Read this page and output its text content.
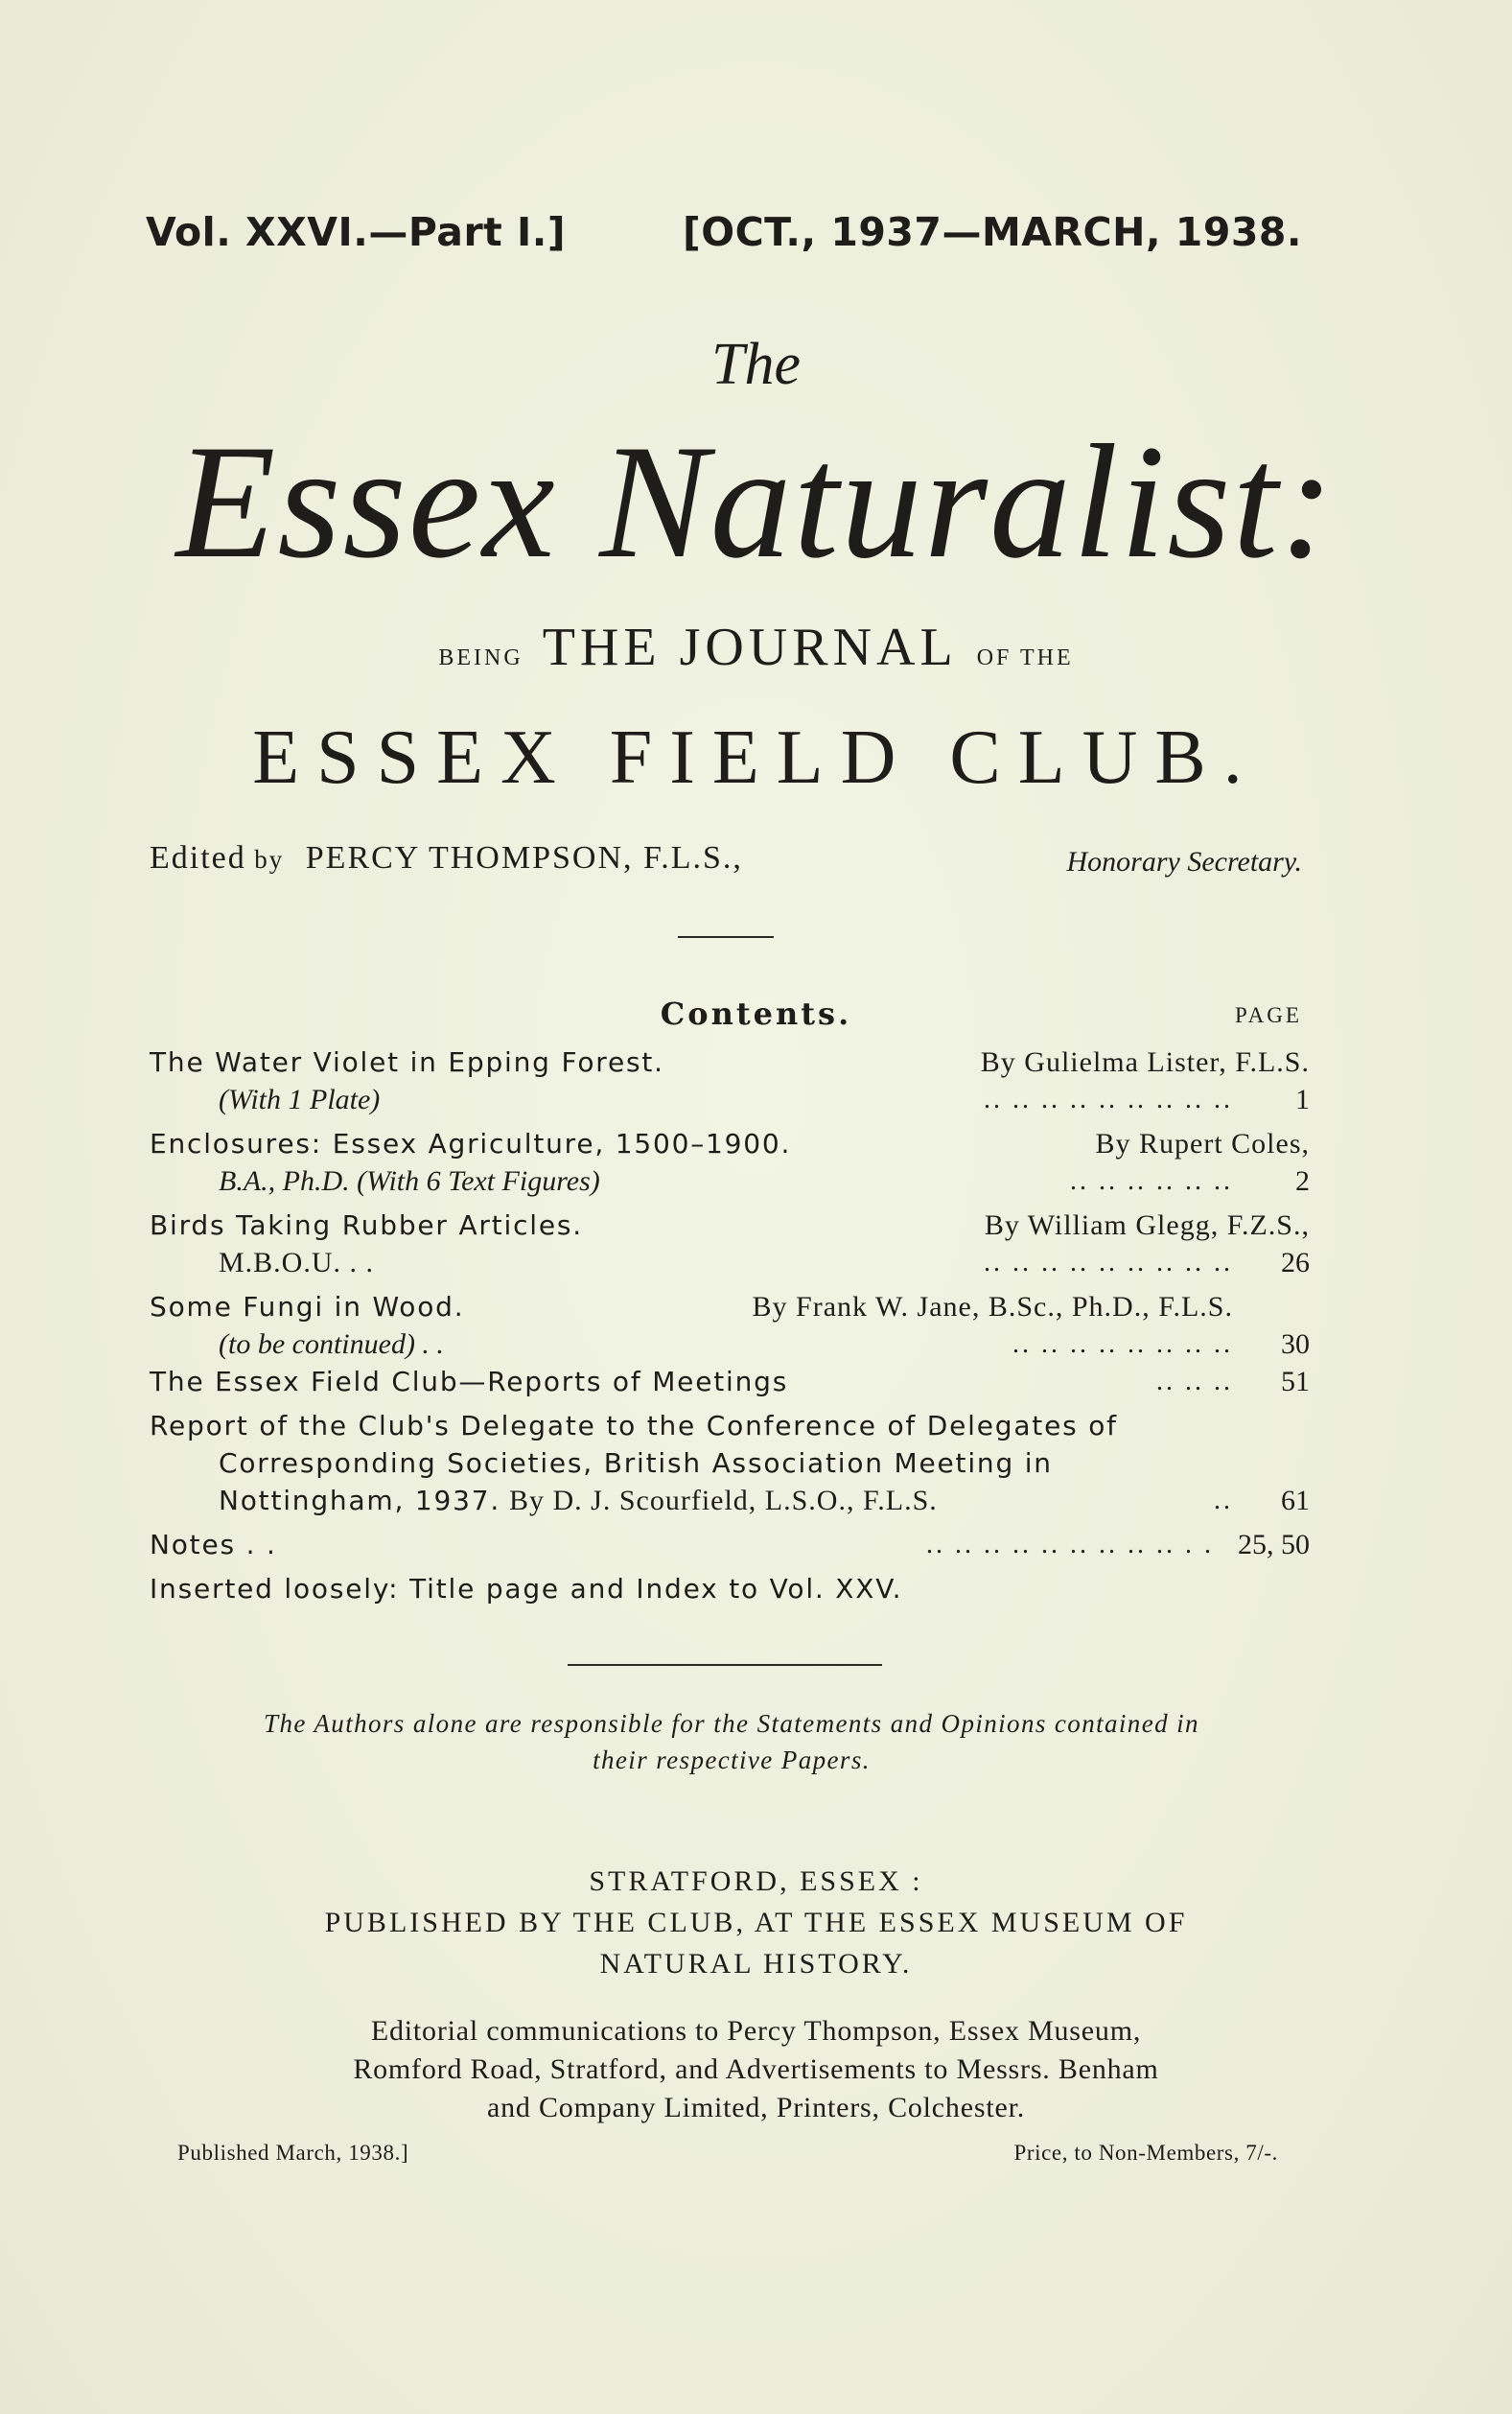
Vol. XXVI.—Part I.]	[OCT., 1937—MARCH, 1938.
The
Essex Naturalist:
BEING THE JOURNAL OF THE
ESSEX FIELD CLUB.
Edited by PERCY THOMPSON, F.L.S.,	Honorary Secretary.
Contents.	PAGE
The Water Violet in Epping Forest.	By Gulielma Lister, F.L.S.
(With 1 Plate)	.. .. .. .. .. .. .. .. .. 1
Enclosures: Essex Agriculture, 1500–1900.	By Rupert Coles,
B.A., Ph.D. (With 6 Text Figures)	.. .. .. .. .. .. 2
Birds Taking Rubber Articles.	By William Glegg, F.Z.S.,
M.B.O.U. . .	.. .. .. .. .. .. .. .. .. 26
Some Fungi in Wood.	By Frank W. Jane, B.Sc., Ph.D., F.L.S.
(to be continued) . .	.. .. .. .. .. .. .. .. 30
The Essex Field Club—Reports of Meetings	.. .. .. 51
Report of the Club's Delegate to the Conference of Delegates of
Corresponding Societies, British Association Meeting in
Nottingham, 1937. By D. J. Scourfield, L.S.O., F.L.S.	.. 61
Notes . .	.. .. .. .. .. .. .. .. .. . . 25, 50
Inserted loosely: Title page and Index to Vol. XXV.
The Authors alone are responsible for the Statements and Opinions contained in
their respective Papers.
STRATFORD, ESSEX :
PUBLISHED BY THE CLUB, AT THE ESSEX MUSEUM OF
NATURAL HISTORY.
Editorial communications to Percy Thompson, Essex Museum,
Romford Road, Stratford, and Advertisements to Messrs. Benham
and Company Limited, Printers, Colchester.
Published March, 1938.]	Price, to Non-Members, 7/-.
